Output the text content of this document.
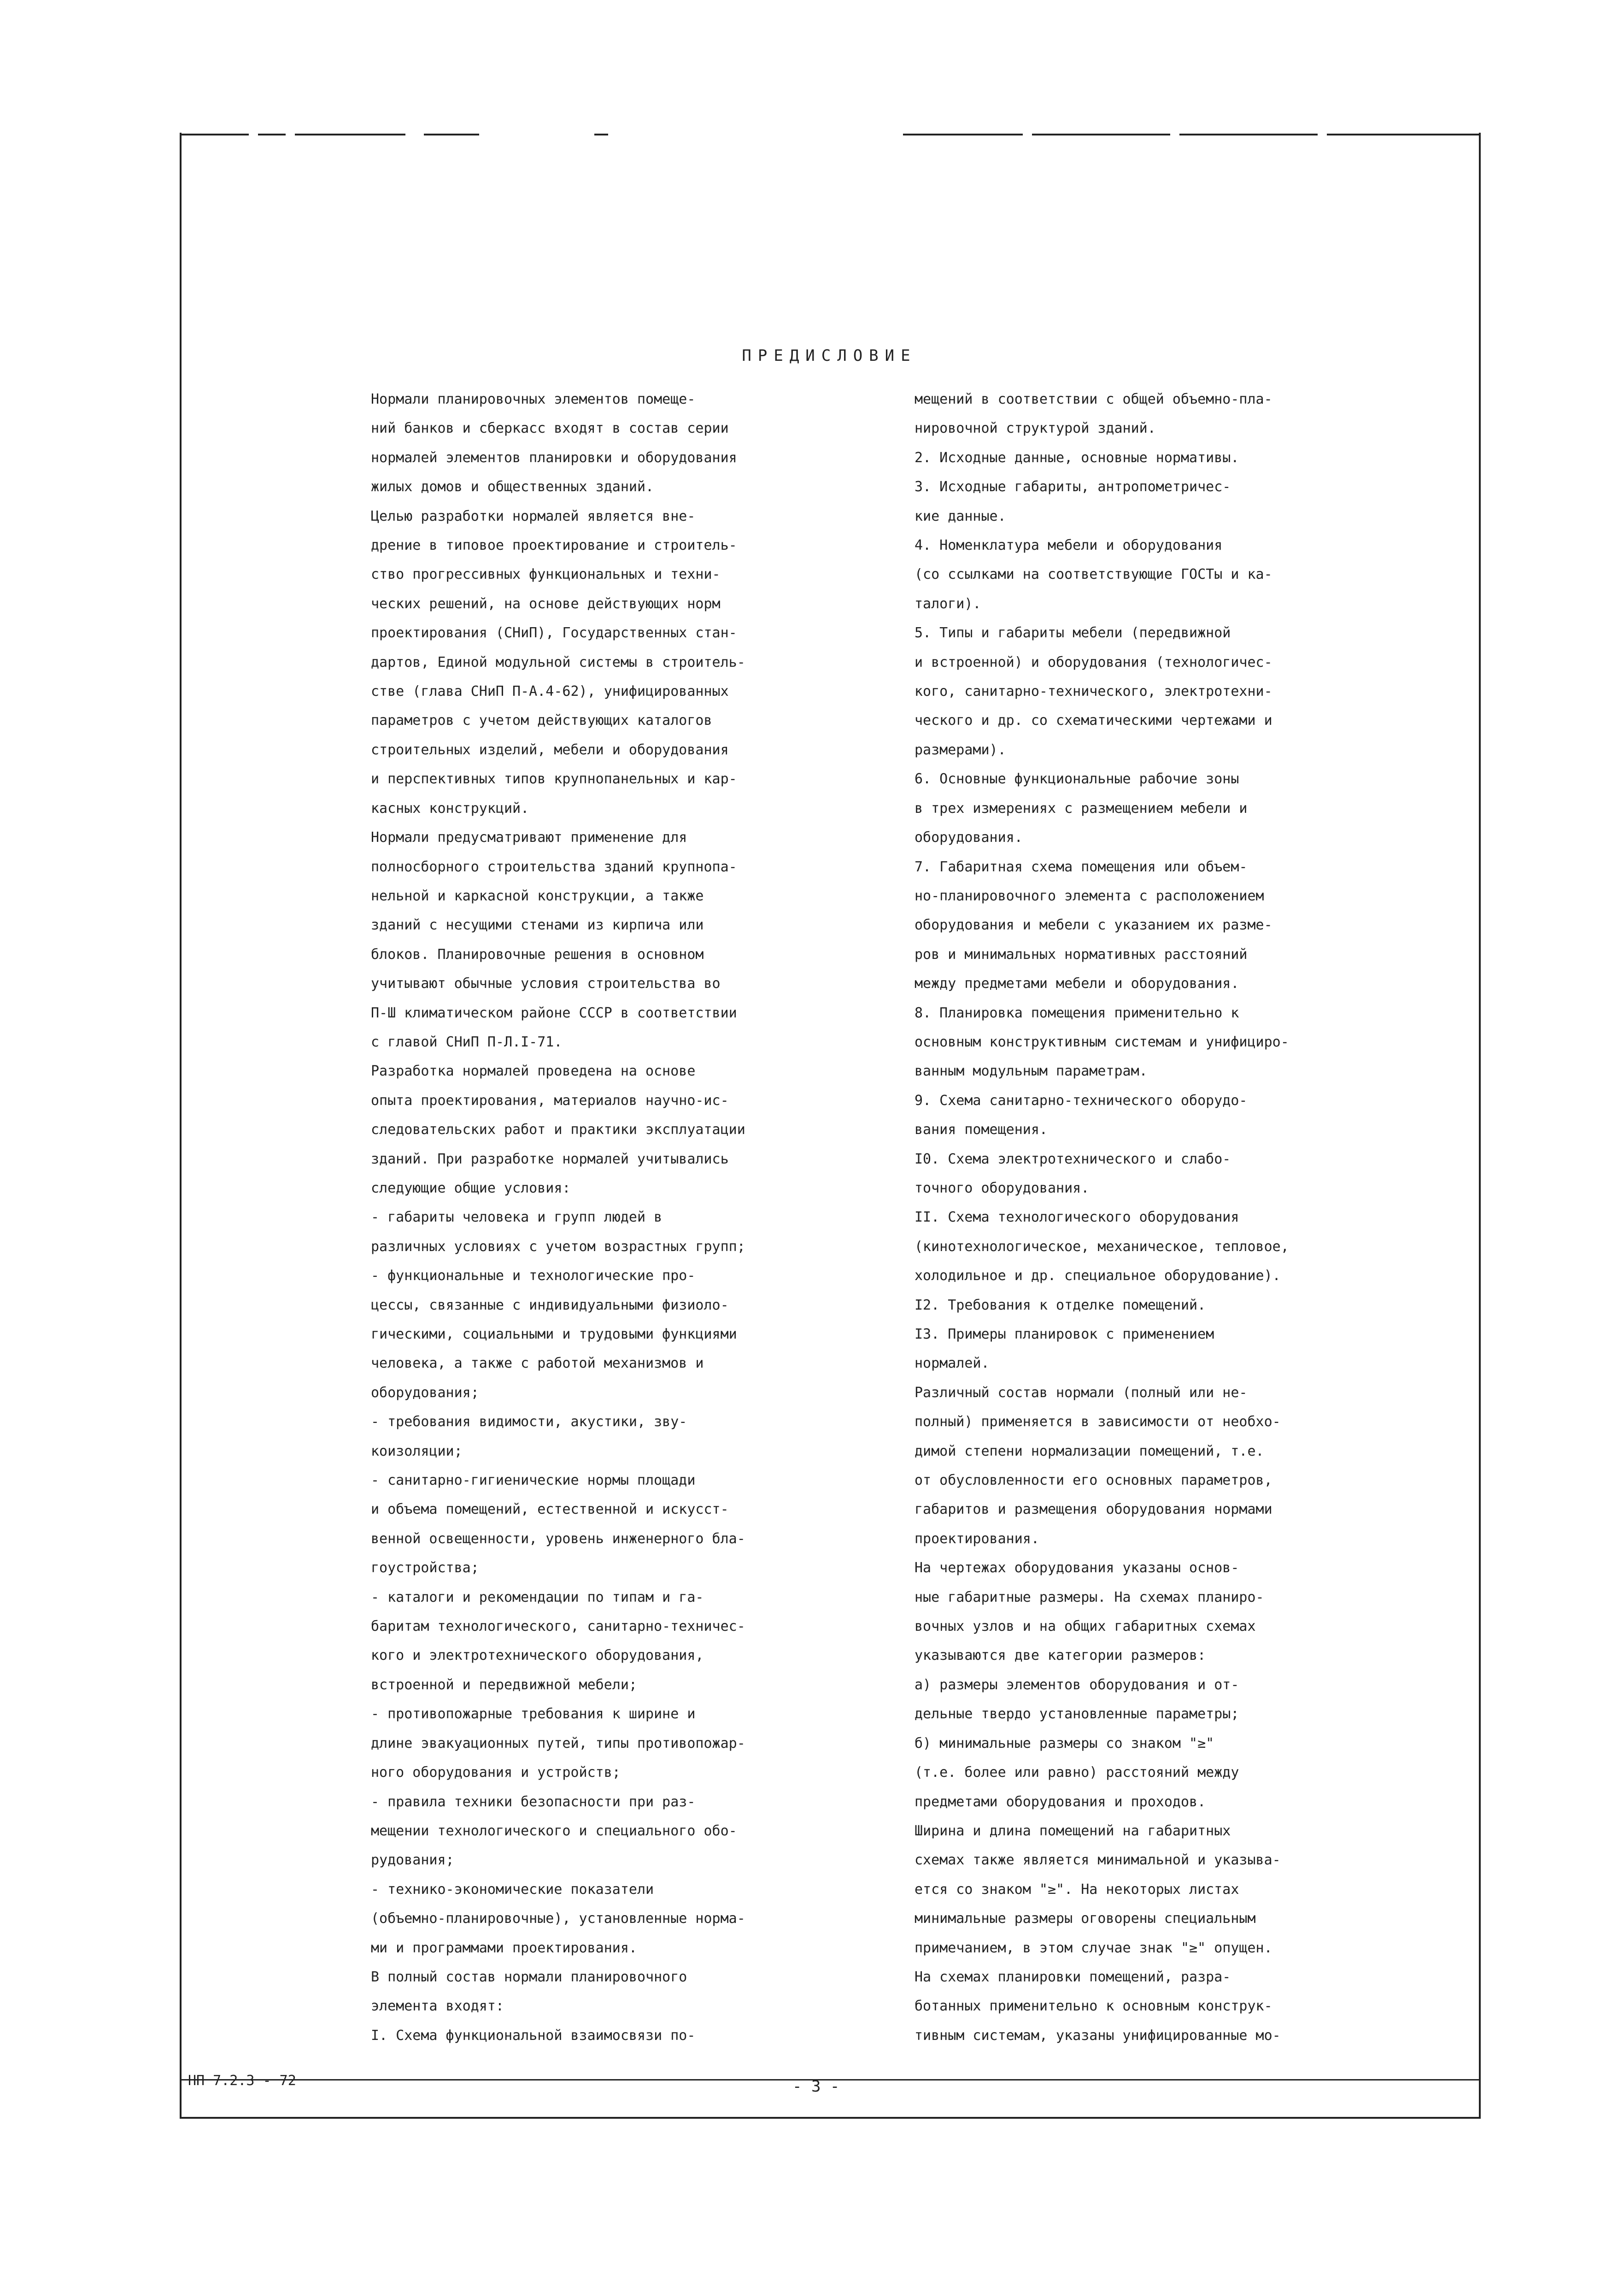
ПРЕДИСЛОВИЕ

Нормали планировочных элементов помеще-
ний банков и сберкасс входят в состав серии
нормалей элементов планировки и оборудования
жилых домов и общественных зданий.

Целью разработки нормалей является вне-
дрение в типовое проектирование и строитель-
ство прогрессивных функциональных и техни-
ческих решений, на основе действующих норм
проектирования (СНиП), Государственных стан-
дартов, Единой модульной системы в строитель-
стве (глава СНиП П-А.4-62), унифицированных
параметров с учетом действующих каталогов
строительных изделий, мебели и оборудования
и перспективных типов крупнопанельных и кар-
касных конструкций.

Нормали предусматривают применение для
полносборного строительства зданий крупнопа-
нельной и каркасной конструкции, а также
зданий с несущими стенами из кирпича или
блоков. Планировочные решения в основном
учитывают обычные условия строительства во
П-Ш климатическом районе СССР в соответствии
с главой СНиП П-Л.I-71.

Разработка нормалей проведена на основе
опыта проектирования, материалов научно-ис-
следовательских работ и практики эксплуатации
зданий. При разработке нормалей учитывались
следующие общие условия:

- габариты человека и групп людей в
различных условиях с учетом возрастных групп;

- функциональные и технологические про-
цессы, связанные с индивидуальными физиоло-
гическими, социальными и трудовыми функциями
человека, а также с работой механизмов и
оборудования;

- требования видимости, акустики, зву-
коизоляции;

- санитарно-гигиенические нормы площади
и объема помещений, естественной и искусст-
венной освещенности, уровень инженерного бла-
гоустройства;

- каталоги и рекомендации по типам и га-
баритам технологического, санитарно-техничес-
кого и электротехнического оборудования,
встроенной и передвижной мебели;

- противопожарные требования к ширине и
длине эвакуационных путей, типы противопожар-
ного оборудования и устройств;

- правила техники безопасности при раз-
мещении технологического и специального обо-
рудования;

- технико-экономические показатели
(объемно-планировочные), установленные норма-
ми и программами проектирования.

В полный состав нормали планировочного
элемента входят:

I. Схема функциональной взаимосвязи по-

мещений в соответствии с общей объемно-пла-
нировочной структурой зданий.

2. Исходные данные, основные нормативы.

3. Исходные габариты, антропометричес-
кие данные.

4. Номенклатура мебели и оборудования
(со ссылками на соответствующие ГОСТы и ка-
талоги).

5. Типы и габариты мебели (передвижной
и встроенной) и оборудования (технологичес-
кого, санитарно-технического, электротехни-
ческого и др. со схематическими чертежами и
размерами).

6. Основные функциональные рабочие зоны
в трех измерениях с размещением мебели и
оборудования.

7. Габаритная схема помещения или объем-
но-планировочного элемента с расположением
оборудования и мебели с указанием их разме-
ров и минимальных нормативных расстояний
между предметами мебели и оборудования.

8. Планировка помещения применительно к
основным конструктивным системам и унифициро-
ванным модульным параметрам.

9. Схема санитарно-технического оборудо-
вания помещения.

I0. Схема электротехнического и слабо-
точного оборудования.

II. Схема технологического оборудования
(кинотехнологическое, механическое, тепловое,
холодильное и др. специальное оборудование).

I2. Требования к отделке помещений.

I3. Примеры планировок с применением
нормалей.

Различный состав нормали (полный или не-
полный) применяется в зависимости от необхо-
димой степени нормализации помещений, т.е.
от обусловленности его основных параметров,
габаритов и размещения оборудования нормами
проектирования.

На чертежах оборудования указаны основ-
ные габаритные размеры. На схемах планиро-
вочных узлов и на общих габаритных схемах
указываются две категории размеров:

а) размеры элементов оборудования и от-
дельные твердо установленные параметры;

б) минимальные размеры со знаком "≥"
(т.е. более или равно) расстояний между
предметами оборудования и проходов.

Ширина и длина помещений на габаритных
схемах также является минимальной и указыва-
ется со знаком "≥". На некоторых листах
минимальные размеры оговорены специальным
примечанием, в этом случае знак "≥" опущен.

На схемах планировки помещений, разра-
ботанных применительно к основным конструк-
тивным системам, указаны унифицированные мо-

НП 7.2.3 - 72	- 3 -
